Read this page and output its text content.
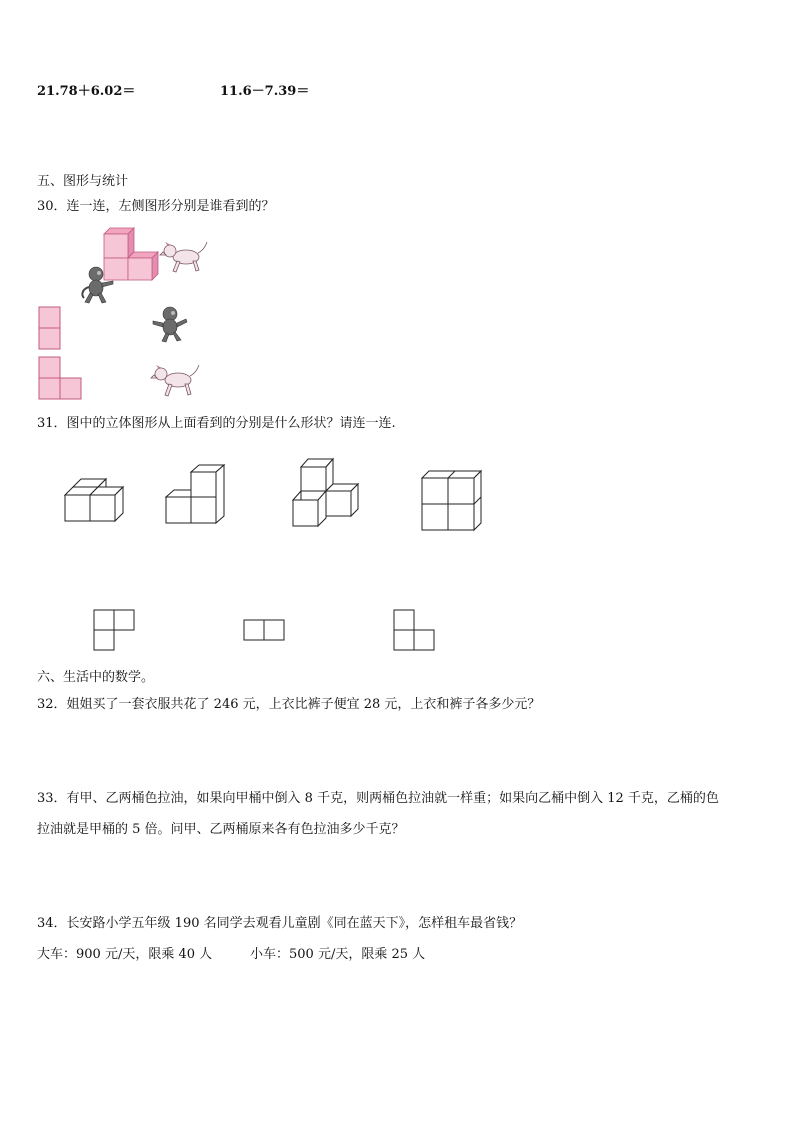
21.78＋6.02＝	11.6－7.39＝
五、图形与统计
30．连一连，左侧图形分别是谁看到的？
31．图中的立体图形从上面看到的分别是什么形状？请连一连.
六、生活中的数学。
32．姐姐买了一套衣服共花了 246 元，上衣比裤子便宜 28 元，上衣和裤子各多少元？
33．有甲、乙两桶色拉油，如果向甲桶中倒入 8 千克，则两桶色拉油就一样重；如果向乙桶中倒入 12 千克，乙桶的色
拉油就是甲桶的 5 倍。问甲、乙两桶原来各有色拉油多少千克？
34．长安路小学五年级 190 名同学去观看儿童剧《同在蓝天下》，怎样租车最省钱？
大车：900 元/天，限乘 40 人	小车：500 元/天，限乘 25 人
